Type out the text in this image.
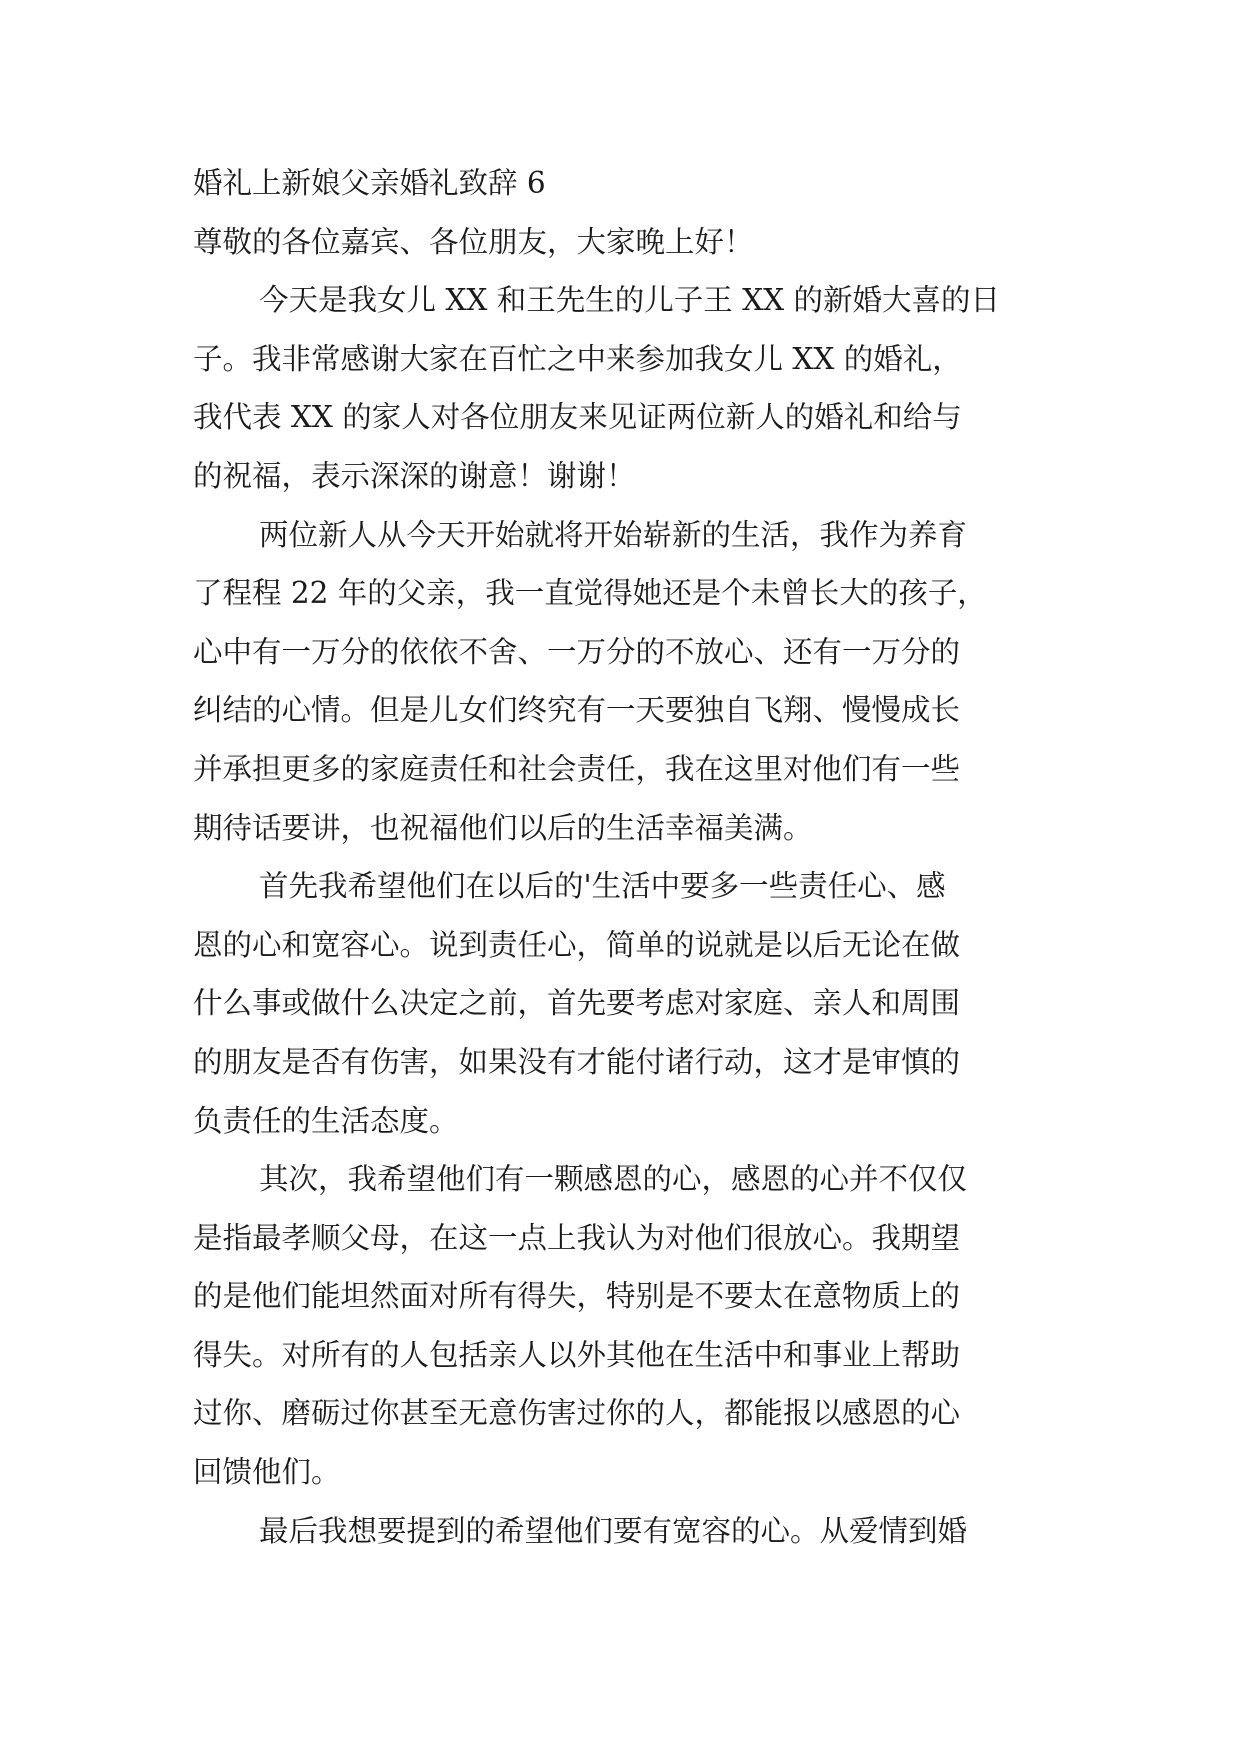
婚礼上新娘父亲婚礼致辞 6
尊敬的各位嘉宾、各位朋友，大家晚上好！
今天是我女儿 XX 和王先生的儿子王 XX 的新婚大喜的日
子。我非常感谢大家在百忙之中来参加我女儿 XX 的婚礼，
我代表 XX 的家人对各位朋友来见证两位新人的婚礼和给与
的祝福，表示深深的谢意！谢谢！
两位新人从今天开始就将开始崭新的生活，我作为养育
了程程 22 年的父亲，我一直觉得她还是个未曾长大的孩子，
心中有一万分的依依不舍、一万分的不放心、还有一万分的
纠结的心情。但是儿女们终究有一天要独自飞翔、慢慢成长
并承担更多的家庭责任和社会责任，我在这里对他们有一些
期待话要讲，也祝福他们以后的生活幸福美满。
首先我希望他们在以后的'生活中要多一些责任心、感
恩的心和宽容心。说到责任心，简单的说就是以后无论在做
什么事或做什么决定之前，首先要考虑对家庭、亲人和周围
的朋友是否有伤害，如果没有才能付诸行动，这才是审慎的
负责任的生活态度。
其次，我希望他们有一颗感恩的心，感恩的心并不仅仅
是指最孝顺父母，在这一点上我认为对他们很放心。我期望
的是他们能坦然面对所有得失，特别是不要太在意物质上的
得失。对所有的人包括亲人以外其他在生活中和事业上帮助
过你、磨砺过你甚至无意伤害过你的人，都能报以感恩的心
回馈他们。
最后我想要提到的希望他们要有宽容的心。从爱情到婚
